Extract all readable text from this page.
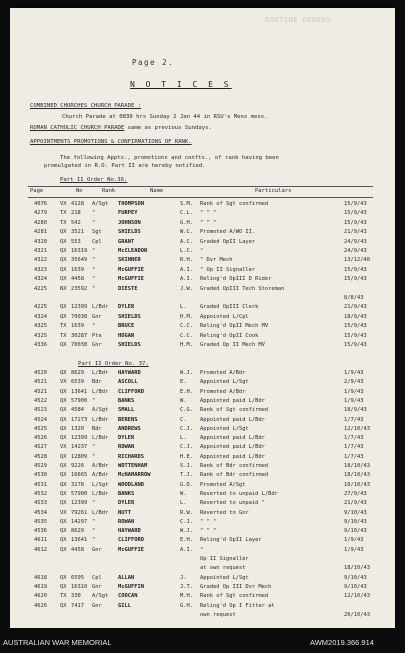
ROUTINE ORDERS
Page 2.
N O T I C E S
COMBINED CHURCHES CHURCH PARADE :
Church Parade at 0830 hrs Sunday 2 Jan 44 in RSU's Mens mess.
ROMAN CATHOLIC CHURCH PARADE same as previous Sundays.
APPOINTMENTS PROMOTIONS & CONFIRMATIONS OF RANK.
The following Appts., promotions and confts., of rank having been
promulgated in R.O. Part II are hereby notified.
Part II Order No.36.
Page	No	Rank	Name	Particulars
4076 VX 4128 A/Sgt THOMPSON	S.M. Rank of Sgt confirmed	15/9/43
4279 TX 218 "	FURPEY	C.L. " " "	15/9/43
4280 TX 542 "	JOHNSON	G.H. " " "	15/9/43
4281 QX 3521 Sgt	SHIELDS	W.C. Promoted A/WO II.	21/9/43
4320 QX 553 Cpl	GRANT	A.C. Graded OpII Layer	24/9/43
4321 QX 16319 "	McCLEADON	L.C. "	24/9/43
4322 QX 35649 "	SKINNER	R.H. " Dvr Mech	13/12/40
4323 QX 1639 "	McGUFFIE	A.I. " Op II Signaller	15/9/43
4324 QX 4458 "	McGUFFIE	A.I. Reling'd OpIII D Rider	15/9/43
4225 NX 23592 "	DIESTE	J.W. Graded OpIII Tech Storeman
8/8/43
4225 QX 12399 L/Bdr DYLER	L.	Graded OpIII Clerk	21/9/43
4324 QX 70038 Gnr	SHIELDS	H.M. Appointed L/Cpl	18/9/43
4325 TX 1639 "	BRUCE	C.C. Reling'd OpII Mech MV	15/9/43
4325 TX 30287 Pte	HOGAN	C.C. Reling'd OpII Cook	15/9/43
4336 QX 70038 Gnr	SHIELDS	H.M. Graded Op II Mech MV	15/9/43
Part II Order No. 37.
4520 QX 8629 L/Bdr HAYWARD	W.J. Promoted A/Bdr	1/9/43
4521 VX 6539 Bdr	ASCOLL	E.	Appointed L/Sgt	2/9/43
4521 QX 13641 L/Bdr CLIFFORD	E.H. Promoted A/Bdr	1/9/43
4522 QX 57900 "	BANKS	W.	Appointed paid L/Bdr	1/9/43
4523 QX 4584 A/Sgt SMALL	C.G. Rank of Sgt confirmed	18/9/43
4524 QX 17273 L/Bdr BERENS	C.	Appointed paid L/Bdr	1/7/43
4525 QX 1320 Bdr	ANDREWS	C.J. Appointed L/Sgt	12/10/43
4526 QX 12399 L/Bdr DYLER	L.	Appointed paid L/Bdr	1/7/43
4527 VX 14237 "	ROWAN	C.J. Appointed paid L/Bdr	1/7/43
4528 QX 12809 "	RICHARDS	H.E. Appointed paid L/Bdr	1/7/43
4529 QX 9226 A/Bdr WOTTENHAM	S.J. Rank of Bdr confirmed	18/10/43
4530 QX 16665 A/Bdr McNAMARROW	T.J. Rank of Bdr confirmed	18/10/43
4531 QX 3278 L/Sgt WOODLAND	G.D. Promoted A/Sgt	10/10/43
4532 QX 57900 L/Bdr BANKS	W.	Reverted to unpaid L/Bdr	27/9/43
4533 QX 12399 "	DYLER	L.	Reverted to unpaid "	21/9/43
4534 VX 79261 L/Bdr NUTT	R.W. Reverted to Gnr	9/10/43
4535 QX 14297 "	ROWAN	C.J. " " "	9/10/43
4536 QX 8629 "	HAYWARD	W.J. " " "	9/10/43
4611 QX 13641 "	CLIFFORD	E.H. Reling'd OpII Layer	1/9/43
4612 QX 4458 Gnr	McGUFFIE	A.I. "	1/9/43
Op II Signaller
at own request	18/10/43
4618 QX 6595 Cpl	ALLAN	J.	Appointed L/Sgt	9/10/43
4619 QX 16310 Gnr	McGUFFIN	J.T. Graded Op III Dvr Mech	9/10/43
4620 TX 330 A/Sgt COOCAN	M.H. Rank of Sgt confirmed	12/10/43
4626 QX 7417 Gnr	GILL	G.H. Reling'd Op I Fitter at
own request	20/10/43
AUSTRALIAN WAR MEMORIAL	AWM2019.366.914
